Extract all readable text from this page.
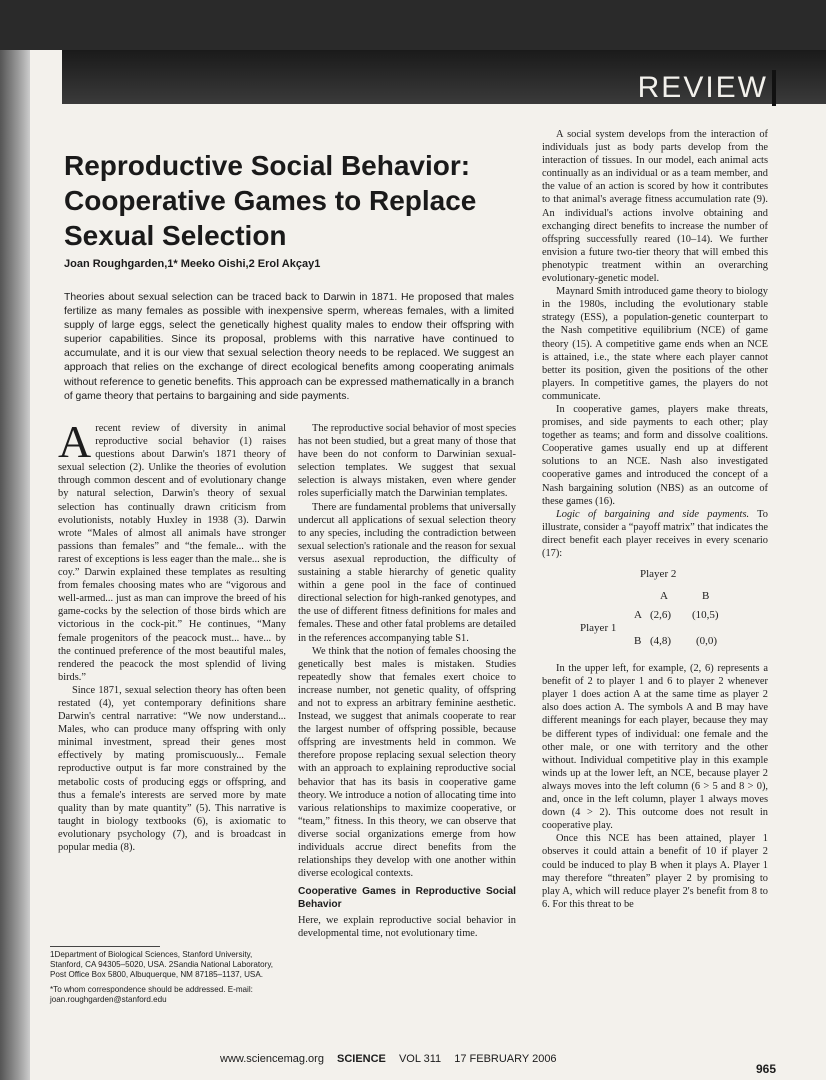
REVIEW
Reproductive Social Behavior: Cooperative Games to Replace Sexual Selection
Joan Roughgarden,1* Meeko Oishi,2 Erol Akçay1

Theories about sexual selection can be traced back to Darwin in 1871. He proposed that males fertilize as many females as possible with inexpensive sperm, whereas females, with a limited supply of large eggs, select the genetically highest quality males to endow their offspring with superior capabilities. Since its proposal, problems with this narrative have continued to accumulate, and it is our view that sexual selection theory needs to be replaced. We suggest an approach that relies on the exchange of direct ecological benefits among cooperating animals without reference to genetic benefits. This approach can be expressed mathematically in a branch of game theory that pertains to bargaining and side payments.

Arecent review of diversity in animal reproductive social behavior (1) raises questions about Darwin's 1871 theory of sexual selection (2). Unlike the theories of evolution through common descent and of evolutionary change by natural selection, Darwin's theory of sexual selection has continually drawn criticism from evolutionists, notably Huxley in 1938 (3). Darwin wrote “Males of almost all animals have stronger passions than females” and “the female... with the rarest of exceptions is less eager than the male... she is coy.” Darwin explained these templates as resulting from females choosing mates who are “vigorous and well-armed... just as man can improve the breed of his game-cocks by the selection of those birds which are victorious in the cock-pit.” He continues, “Many female progenitors of the peacock must... have... by the continued preference of the most beautiful males, rendered the peacock the most splendid of living birds.”

Since 1871, sexual selection theory has often been restated (4), yet contemporary definitions share Darwin's central narrative: “We now understand... Males, who can produce many offspring with only minimal investment, spread their genes most effectively by mating promiscuously... Female reproductive output is far more constrained by the metabolic costs of producing eggs or offspring, and thus a female's interests are served more by mate quality than by mate quantity” (5). This narrative is taught in biology textbooks (6), is axiomatic to evolutionary psychology (7), and is broadcast in popular media (8).

1Department of Biological Sciences, Stanford University, Stanford, CA 94305–5020, USA. 2Sandia National Laboratory, Post Office Box 5800, Albuquerque, NM 87185–1137, USA.

*To whom correspondence should be addressed. E-mail: joan.roughgarden@stanford.edu

The reproductive social behavior of most species has not been studied, but a great many of those that have been do not conform to Darwinian sexual-selection templates. We suggest that sexual selection is always mistaken, even where gender roles superficially match the Darwinian templates.

There are fundamental problems that universally undercut all applications of sexual selection theory to any species, including the contradiction between sexual selection's rationale and the reason for sexual versus asexual reproduction, the difficulty of sustaining a stable hierarchy of genetic quality within a gene pool in the face of continued directional selection for high-ranked genotypes, and the use of different fitness definitions for males and females. These and other fatal problems are detailed in the references accompanying table S1.

We think that the notion of females choosing the genetically best males is mistaken. Studies repeatedly show that females exert choice to increase number, not genetic quality, of offspring and not to express an arbitrary feminine aesthetic. Instead, we suggest that animals cooperate to rear the largest number of offspring possible, because offspring are investments held in common. We therefore propose replacing sexual selection theory with an approach to explaining reproductive social behavior that has its basis in cooperative game theory. We introduce a notion of allocating time into various relationships to maximize cooperative, or “team,” fitness. In this theory, we can observe that diverse social organizations emerge from how individuals accrue direct benefits from the relationships they develop with one another within diverse ecological contexts.

Cooperative Games in Reproductive Social Behavior

Here, we explain reproductive social behavior in developmental time, not evolutionary time.

A social system develops from the interaction of individuals just as body parts develop from the interaction of tissues. In our model, each animal acts continually as an individual or as a team member, and the value of an action is scored by how it contributes to that animal's average fitness accumulation rate (9). An individual's actions involve obtaining and exchanging direct benefits to increase the number of offspring successfully reared (10–14). We further envision a future two-tier theory that will embed this phenotypic treatment within an overarching evolutionary-genetic model.

Maynard Smith introduced game theory to biology in the 1980s, including the evolutionary stable strategy (ESS), a population-genetic counterpart to the Nash competitive equilibrium (NCE) of game theory (15). A competitive game ends when an NCE is attained, i.e., the state where each player cannot better its position, given the positions of the other players. In competitive games, the players do not communicate.

In cooperative games, players make threats, promises, and side payments to each other; play together as teams; and form and dissolve coalitions. Cooperative games usually end up at different solutions to an NCE. Nash also investigated cooperative games and introduced the concept of a Nash bargaining solution (NBS) as an outcome of these games (16).

Logic of bargaining and side payments. To illustrate, consider a “payoff matrix” that indicates the direct benefit each player receives in every scenario (17):

Player 2
A	B
Player 1
A
B
(2,6) (10,5)
(4,8) (0,0)

In the upper left, for example, (2, 6) represents a benefit of 2 to player 1 and 6 to player 2 whenever player 1 does action A at the same time as player 2 also does action A. The symbols A and B may have different meanings for each player, because they may be different types of individual: one female and the other male, or one with territory and the other without. Individual competitive play in this example winds up at the lower left, an NCE, because player 2 always moves into the left column (6 > 5 and 8 > 0), and, once in the left column, player 1 always moves down (4 > 2). This outcome does not result in cooperative play.

Once this NCE has been attained, player 1 observes it could attain a benefit of 10 if player 2 could be induced to play B when it plays A. Player 1 may therefore “threaten” player 2 by promising to play A, which will reduce player 2's benefit from 8 to 6. For this threat to be

www.sciencemag.org SCIENCE VOL 311 17 FEBRUARY 2006
965
